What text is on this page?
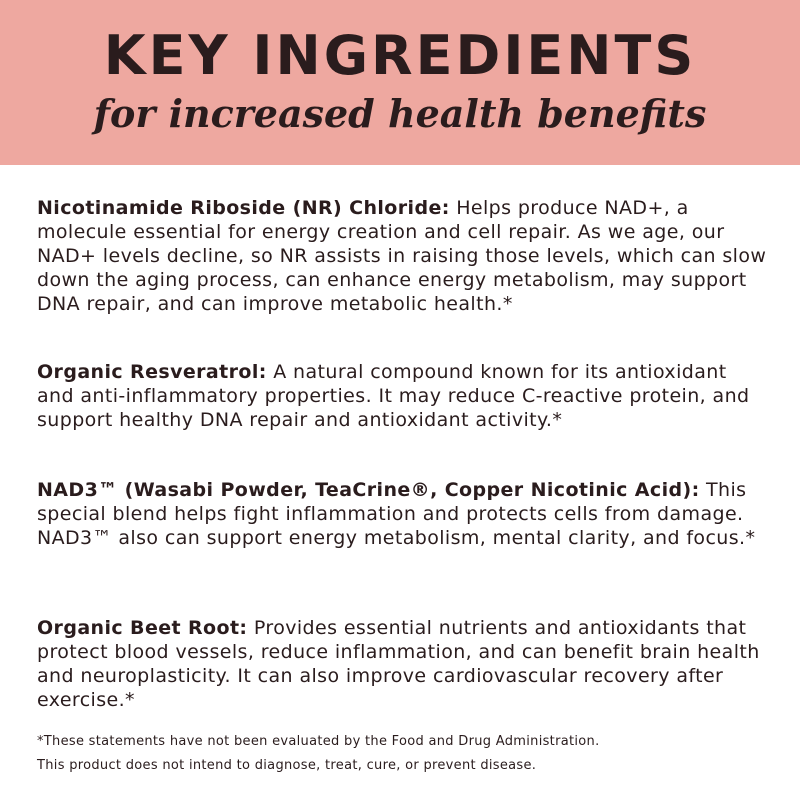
KEY INGREDIENTS
for increased health benefits

Nicotinamide Riboside (NR) Chloride: Helps produce NAD+, a molecule essential for energy creation and cell repair. As we age, our NAD+ levels decline, so NR assists in raising those levels, which can slow down the aging process, can enhance energy metabolism, may support DNA repair, and can improve metabolic health.*

Organic Resveratrol: A natural compound known for its antioxidant and anti-inflammatory properties. It may reduce C-reactive protein, and support healthy DNA repair and antioxidant activity.*

NAD3™ (Wasabi Powder, TeaCrine®, Copper Nicotinic Acid): This special blend helps fight inflammation and protects cells from damage. NAD3™ also can support energy metabolism, mental clarity, and focus.*

Organic Beet Root: Provides essential nutrients and antioxidants that protect blood vessels, reduce inflammation, and can benefit brain health and neuroplasticity. It can also improve cardiovascular recovery after exercise.*

*These statements have not been evaluated by the Food and Drug Administration.
This product does not intend to diagnose, treat, cure, or prevent disease.
